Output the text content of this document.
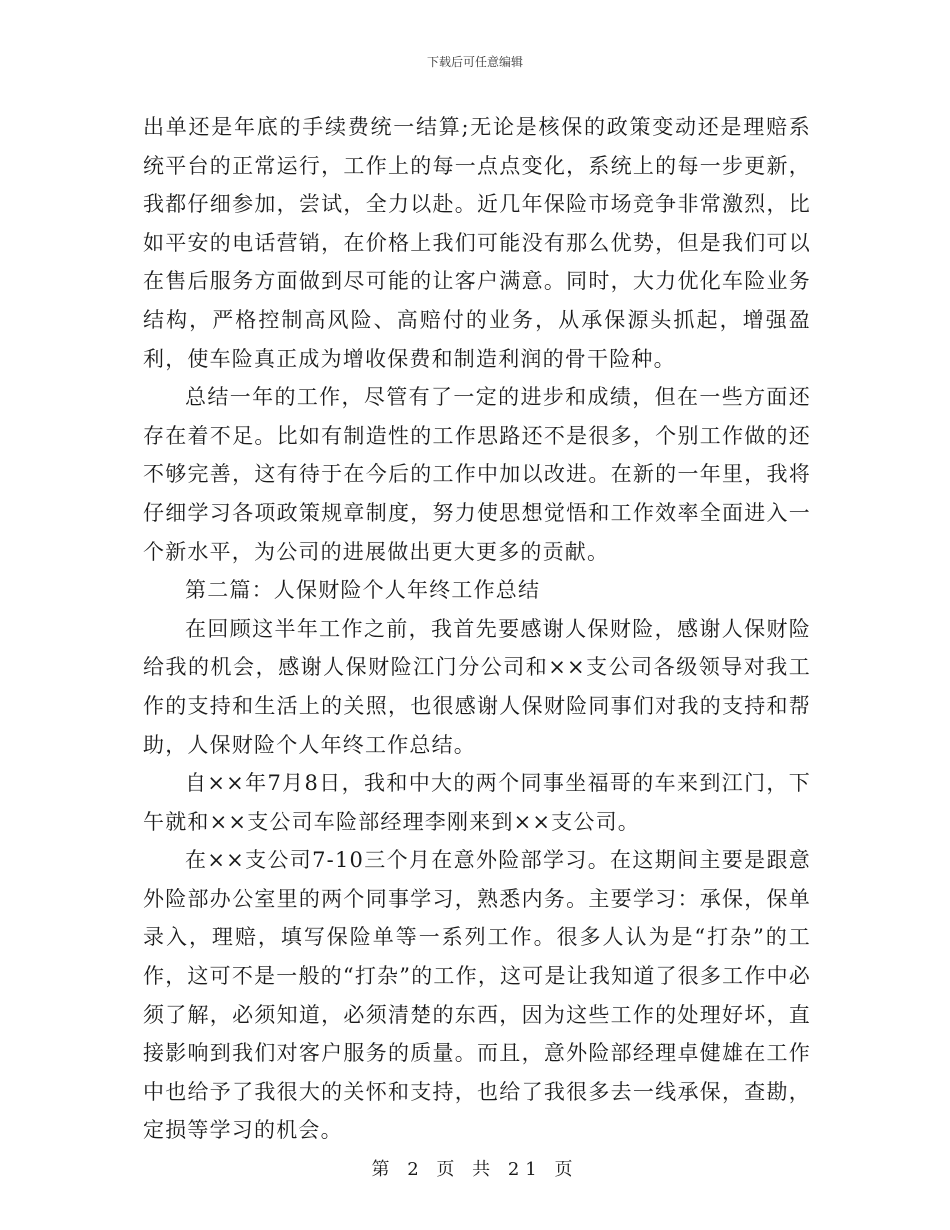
下载后可任意编辑

出单还是年底的手续费统一结算;无论是核保的政策变动还是理赔系统平台的正常运行，工作上的每一点点变化，系统上的每一步更新，我都仔细参加，尝试，全力以赴。近几年保险市场竞争非常激烈，比如平安的电话营销，在价格上我们可能没有那么优势，但是我们可以在售后服务方面做到尽可能的让客户满意。同时，大力优化车险业务结构，严格控制高风险、高赔付的业务，从承保源头抓起，增强盈利，使车险真正成为增收保费和制造利润的骨干险种。

总结一年的工作，尽管有了一定的进步和成绩，但在一些方面还存在着不足。比如有制造性的工作思路还不是很多，个别工作做的还不够完善，这有待于在今后的工作中加以改进。在新的一年里，我将仔细学习各项政策规章制度，努力使思想觉悟和工作效率全面进入一个新水平，为公司的进展做出更大更多的贡献。

第二篇：人保财险个人年终工作总结

在回顾这半年工作之前，我首先要感谢人保财险，感谢人保财险给我的机会，感谢人保财险江门分公司和××支公司各级领导对我工作的支持和生活上的关照，也很感谢人保财险同事们对我的支持和帮助，人保财险个人年终工作总结。

自××年7月8日，我和中大的两个同事坐福哥的车来到江门，下午就和××支公司车险部经理李刚来到××支公司。

在××支公司7-10三个月在意外险部学习。在这期间主要是跟意外险部办公室里的两个同事学习，熟悉内务。主要学习：承保，保单录入，理赔，填写保险单等一系列工作。很多人认为是“打杂”的工作，这可不是一般的“打杂”的工作，这可是让我知道了很多工作中必须了解，必须知道，必须清楚的东西，因为这些工作的处理好坏，直接影响到我们对客户服务的质量。而且，意外险部经理卓健雄在工作中也给予了我很大的关怀和支持，也给了我很多去一线承保，查勘，定损等学习的机会。

第 2 页 共 21 页
